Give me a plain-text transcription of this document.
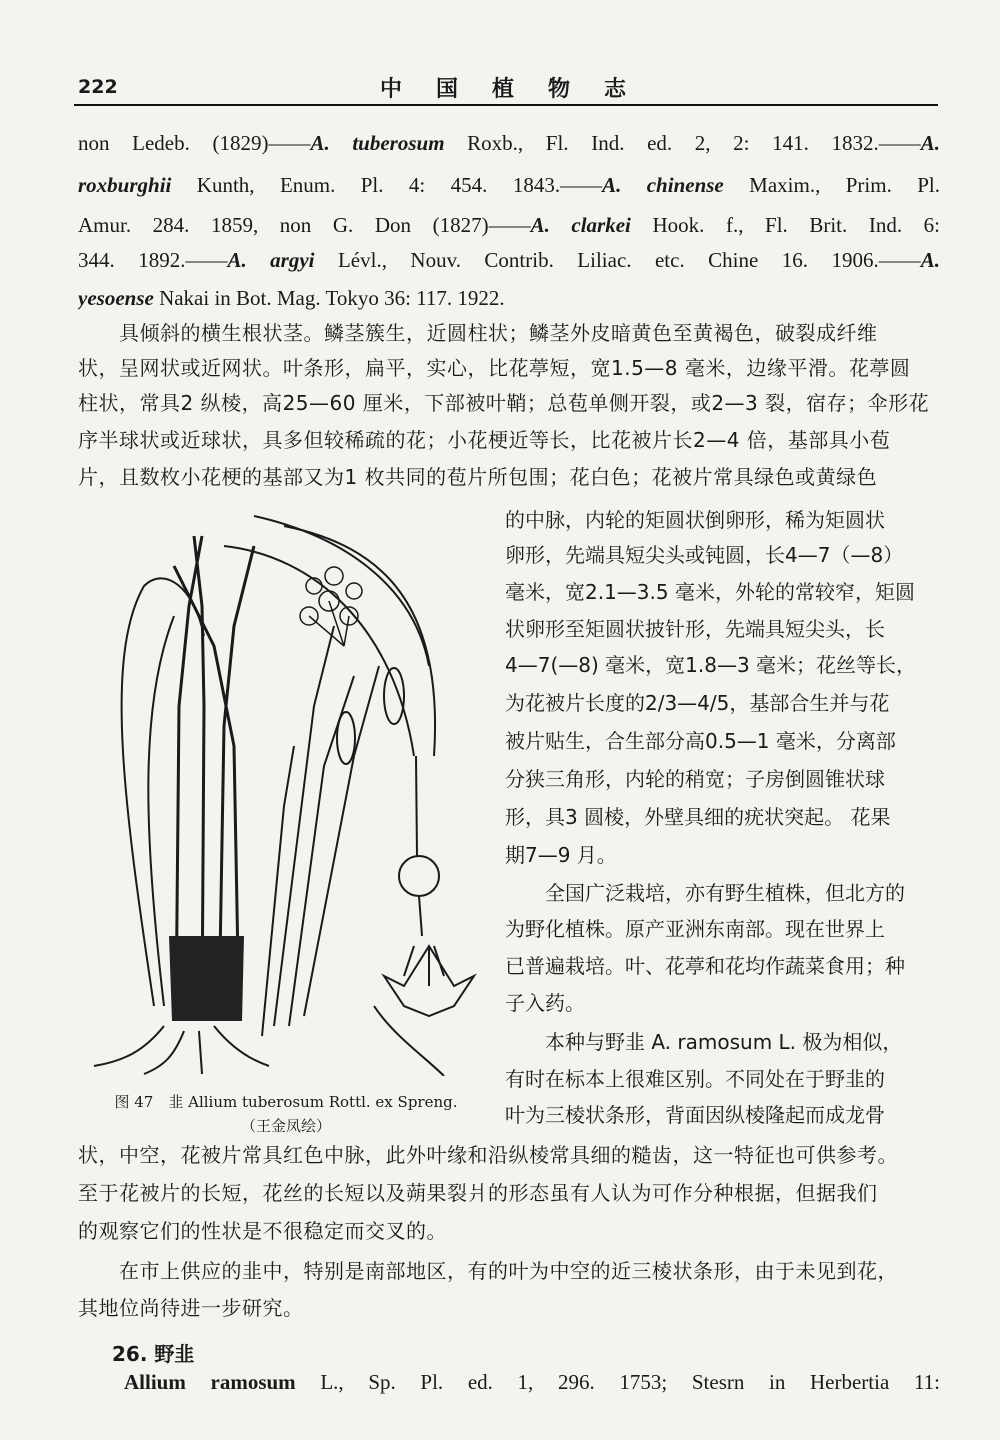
222	中国植物志
non Ledeb. (1829)——A. tuberosum Roxb., Fl. Ind. ed. 2, 2: 141. 1832.——A.
roxburghii Kunth, Enum. Pl. 4: 454. 1843.——A. chinense Maxim., Prim. Pl.
Amur. 284. 1859, non G. Don (1827)——A. clarkei Hook. f., Fl. Brit. Ind. 6:
344. 1892.——A. argyi Lévl., Nouv. Contrib. Liliac. etc. Chine 16. 1906.——A.
yesoense Nakai in Bot. Mag. Tokyo 36: 117. 1922.
　　具倾斜的横生根状茎。鳞茎簇生，近圆柱状；鳞茎外皮暗黄色至黄褐色，破裂成纤维
状，呈网状或近网状。叶条形，扁平，实心，比花葶短，宽1.5—8 毫米，边缘平滑。花葶圆
柱状，常具2 纵棱，高25—60 厘米，下部被叶鞘；总苞单侧开裂，或2—3 裂，宿存；伞形花
序半球状或近球状，具多但较稀疏的花；小花梗近等长，比花被片长2—4 倍，基部具小苞
片，且数枚小花梗的基部又为1 枚共同的苞片所包围；花白色；花被片常具绿色或黄绿色
的中脉，内轮的矩圆状倒卵形，稀为矩圆状
卵形，先端具短尖头或钝圆，长4—7（—8）
毫米，宽2.1—3.5 毫米，外轮的常较窄，矩圆
状卵形至矩圆状披针形，先端具短尖头，长
4—7(—8) 毫米，宽1.8—3 毫米；花丝等长，
为花被片长度的2/3—4/5，基部合生并与花
被片贴生，合生部分高0.5—1 毫米，分离部
分狭三角形，内轮的稍宽；子房倒圆锥状球
形，具3 圆棱，外壁具细的疣状突起。 花果
期7—9 月。
　　全国广泛栽培，亦有野生植株，但北方的
为野化植株。原产亚洲东南部。现在世界上
已普遍栽培。叶、花葶和花均作蔬菜食用；种
子入药。
　　本种与野韭 A. ramosum L. 极为相似，
有时在标本上很难区别。不同处在于野韭的
叶为三棱状条形，背面因纵棱隆起而成龙骨
图 47　韭 Allium tuberosum Rottl. ex Spreng.
（王金凤绘）
状，中空，花被片常具红色中脉，此外叶缘和沿纵棱常具细的糙齿，这一特征也可供参考。
至于花被片的长短，花丝的长短以及蒴果裂爿的形态虽有人认为可作分种根据，但据我们
的观察它们的性状是不很稳定而交叉的。
　　在市上供应的韭中，特别是南部地区，有的叶为中空的近三棱状条形，由于未见到花，
其地位尚待进一步研究。
26. 野韭
Allium ramosum L., Sp. Pl. ed. 1, 296. 1753; Stesrn in Herbertia 11:
